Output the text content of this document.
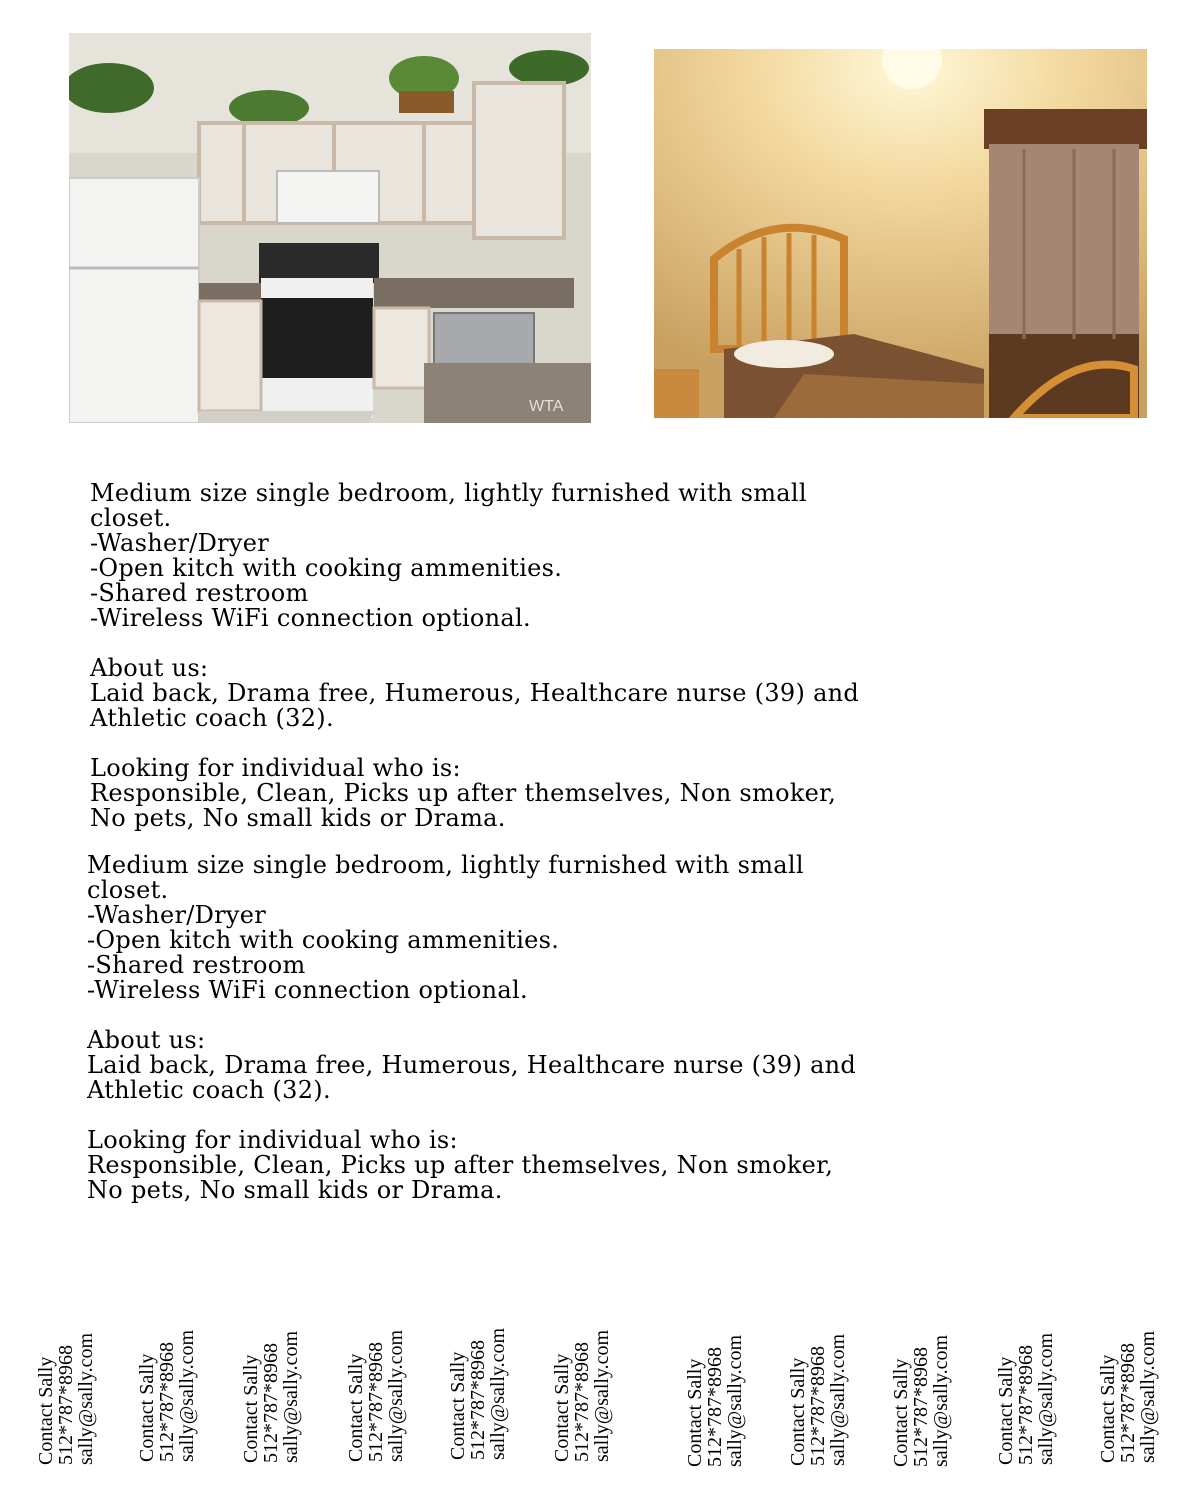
WTA
Medium size single bedroom, lightly furnished with small
closet.
-Washer/Dryer
-Open kitch with cooking ammenities.
-Shared restroom
-Wireless WiFi connection optional.
About us:
Laid back, Drama free, Humerous, Healthcare nurse (39) and
Athletic coach (32).
Looking for individual who is:
Responsible, Clean, Picks up after themselves, Non smoker,
No pets, No small kids or Drama.
Medium size single bedroom, lightly furnished with small
closet.
-Washer/Dryer
-Open kitch with cooking ammenities.
-Shared restroom
-Wireless WiFi connection optional.
About us:
Laid back, Drama free, Humerous, Healthcare nurse (39) and
Athletic coach (32).
Looking for individual who is:
Responsible, Clean, Picks up after themselves, Non smoker,
No pets, No small kids or Drama.
Contact Sally
512*787*8968
sally@sally.com Contact Sally
512*787*8968
sally@sally.com Contact Sally
512*787*8968
sally@sally.com Contact Sally
512*787*8968
sally@sally.com Contact Sally
512*787*8968
sally@sally.com Contact Sally
512*787*8968
sally@sally.com	Contact Sally
512*787*8968
sally@sally.com Contact Sally
512*787*8968
sally@sally.com Contact Sally
512*787*8968
sally@sally.com Contact Sally
512*787*8968
sally@sally.com Contact Sally
512*787*8968
sally@sally.com
